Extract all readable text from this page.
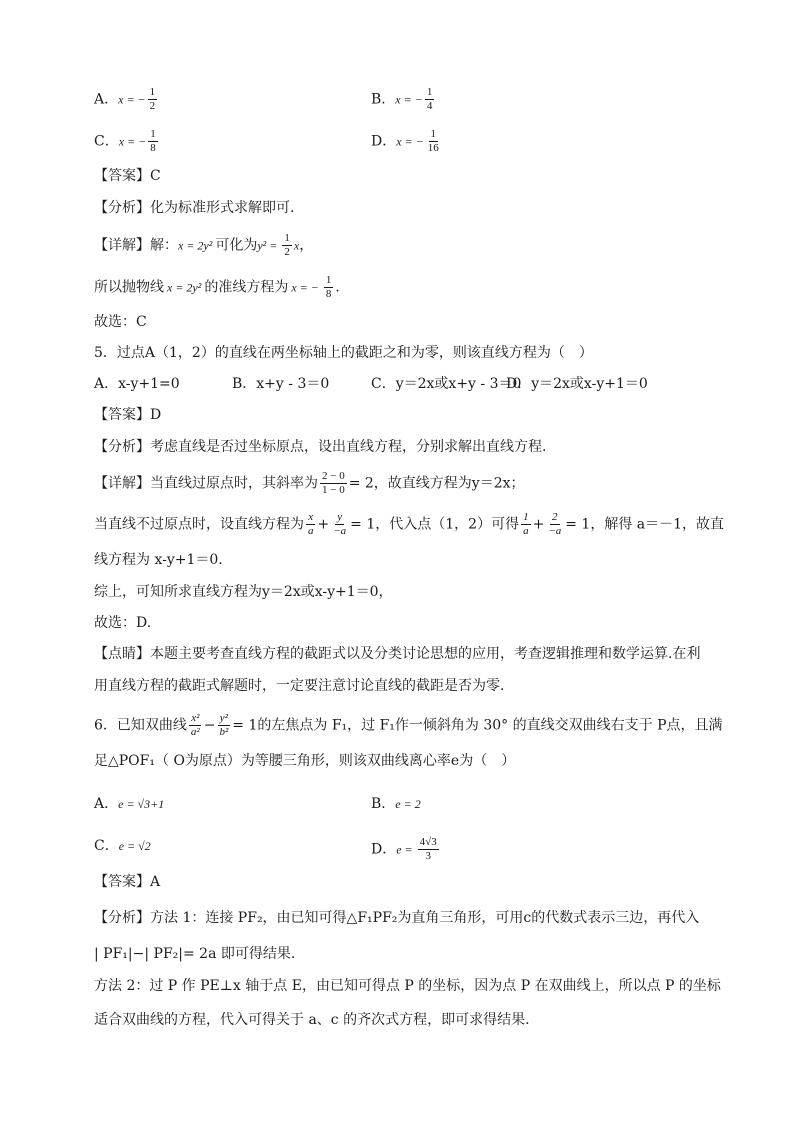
A．x = − $\frac{1}{2}$	B．x = − $\frac{1}{4}$
C．x = − $\frac{1}{8}$	D．x = − $\frac{1}{16}$
【答案】C
【分析】化为标准形式求解即可.
【详解】解：x = 2y² 可化为$y^2 = \frac{1}{2}$ x，
所以抛物线 x = 2y² 的准线方程为 x = − $\frac{1}{8}$ ．
故选：C
5．过点A（1，2）的直线在两坐标轴上的截距之和为零，则该直线方程为（　）
A．x-y+1=0	B．x+y - 3＝0	C．y＝2x或x+y - 3＝0
D．y＝2x或x-y+1＝0
【答案】D
【分析】考虑直线是否过坐标原点，设出直线方程，分别求解出直线方程.
【详解】当直线过原点时，其斜率为 $\frac{2 - 0}{1 - 0} = 2$，故直线方程为y＝2x；
当直线不过原点时，设直线方程为 $\frac{x}{a} + \frac{y}{-a} = 1$，代入点（1，2）可得 $\frac{1}{a} + \frac{2}{-a} = 1$，解得 a＝－1，故直
线方程为 x-y+1＝0.
综上，可知所求直线方程为y＝2x或x-y+1＝0，
故选：D.
【点睛】本题主要考查直线方程的截距式以及分类讨论思想的应用，考查逻辑推理和数学运算.在利
用直线方程的截距式解题时，一定要注意讨论直线的截距是否为零.
6．已知双曲线 $\frac{\text{x²}}{\text{a²}} - \frac{\text{y²}}{\text{b²}} = 1$的左焦点为 F₁，过 F₁作一倾斜角为 30° 的直线交双曲线右支于 P点，且满
足△POF₁（ O为原点）为等腰三角形，则该双曲线离心率e为（　）
A．e = √3+1	B．e = 2
C．e = √2	D．$e = \frac{4√3}{3}$
【答案】A
【分析】方法 1：连接 PF₂，由已知可得△F₁PF₂为直角三角形，可用c的代数式表示三边，再代入
| PF₁|−| PF₂|= 2a 即可得结果.
方法 2：过 P 作 PE⊥x 轴于点 E，由已知可得点 P 的坐标，因为点 P 在双曲线上，所以点 P 的坐标
适合双曲线的方程，代入可得关于 a、c 的齐次式方程，即可求得结果.
